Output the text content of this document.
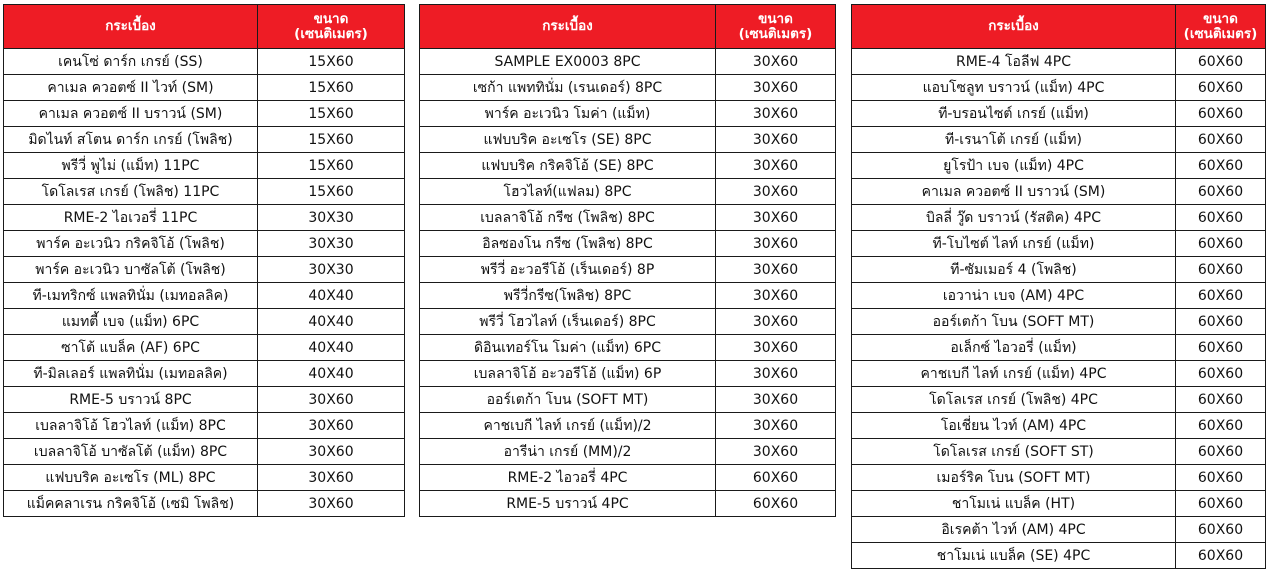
กระเบื้อง	ขนาด
(เซนติเมตร)

เคนโซ่ ดาร์ก เกรย์ (SS)	15X60
คาเมล ควอตซ์ II ไวท์ (SM)	15X60
คาเมล ควอตซ์ II บราวน์ (SM)	15X60
มิดไนท์ สโตน ดาร์ก เกรย์ (โพลิช)	15X60
พรีวี่ พูไม่ (แม็ท) 11PC	15X60
โดโลเรส เกรย์ (โพลิช) 11PC	15X60
RME-2 ไอเวอรี่ 11PC	30X30
พาร์ค อะเวนิว กริคจิโอ้ (โพลิช)	30X30
พาร์ค อะเวนิว บาซัลโต้ (โพลิช)	30X30
ที-เมทริกซ์ แพลทินั่ม (เมทอลลิค)	40X40
แมทตี้ เบจ (แม็ท) 6PC	40X40
ซาโต้ แบล็ค (AF) 6PC	40X40
ที-มิลเลอร์ แพลทินั่ม (เมทอลลิค)	40X40
RME-5 บราวน์ 8PC	30X60
เบลลาจิโอ้ โฮวไลท์ (แม็ท) 8PC	30X60
เบลลาจิโอ้ บาซัลโต้ (แม็ท) 8PC	30X60
แฟบบริค อะเซโร (ML) 8PC	30X60
แม็คคลาเรน กริคจิโอ้ (เซมิ โพลิช)	30X60
กระเบื้อง	ขนาด
(เซนติเมตร)

SAMPLE EX0003 8PC	30X60
เซก้า แพททินั่ม (เรนเดอร์) 8PC	30X60
พาร์ค อะเวนิว โมค่า (แม็ท)	30X60
แฟบบริค อะเซโร (SE) 8PC	30X60
แฟบบริค กริคจิโอ้ (SE) 8PC	30X60
โฮวไลท์(แฟลม) 8PC	30X60
เบลลาจิโอ้ กรีซ (โพลิช) 8PC	30X60
อิลซองโน กรีซ (โพลิช) 8PC	30X60
พรีวี่ อะวอรีโอ้ (เร็นเดอร์) 8P	30X60
พรีวี่กรีซ(โพลิช) 8PC	30X60
พรีวี่ โฮวไลท์ (เร็นเดอร์) 8PC	30X60
ดิอินเทอร์โน โมค่า (แม็ท) 6PC	30X60
เบลลาจิโอ้ อะวอรีโอ้ (แม็ท) 6P	30X60
ออร์เตก้า โบน (SOFT MT)	30X60
คาชเบกี ไลท์ เกรย์ (แม็ท)/2	30X60
อารีน่า เกรย์ (MM)/2	30X60
RME-2 ไอวอรี่ 4PC	60X60
RME-5 บราวน์ 4PC	60X60
กระเบื้อง	ขนาด
(เซนติเมตร)

RME-4 โอลีฟ 4PC	60X60
แอบโซลูท บราวน์ (แม็ท) 4PC	60X60
ที-บรอนไซต์ เกรย์ (แม็ท)	60X60
ที-เรนาโต้ เกรย์ (แม็ท)	60X60
ยูโรป้า เบจ (แม็ท) 4PC	60X60
คาเมล ควอตซ์ II บราวน์ (SM)	60X60
บิลลี่ วู๊ด บราวน์ (รัสติค) 4PC	60X60
ที-โบไซต์ ไลท์ เกรย์ (แม็ท)	60X60
ที-ซัมเมอร์ 4 (โพลิช)	60X60
เอวาน่า เบจ (AM) 4PC	60X60
ออร์เตก้า โบน (SOFT MT)	60X60
อเล็กซ์ ไอวอรี่ (แม็ท)	60X60
คาชเบกี ไลท์ เกรย์ (แม็ท) 4PC	60X60
โดโลเรส เกรย์ (โพลิช) 4PC	60X60
โอเชี่ยน ไวท์ (AM) 4PC	60X60
โดโลเรส เกรย์ (SOFT ST)	60X60
เมอร์ริค โบน (SOFT MT)	60X60
ชาโมเน่ แบล็ค (HT)	60X60
อิเรคต้า ไวท์ (AM) 4PC	60X60
ชาโมเน่ แบล็ค (SE) 4PC	60X60
